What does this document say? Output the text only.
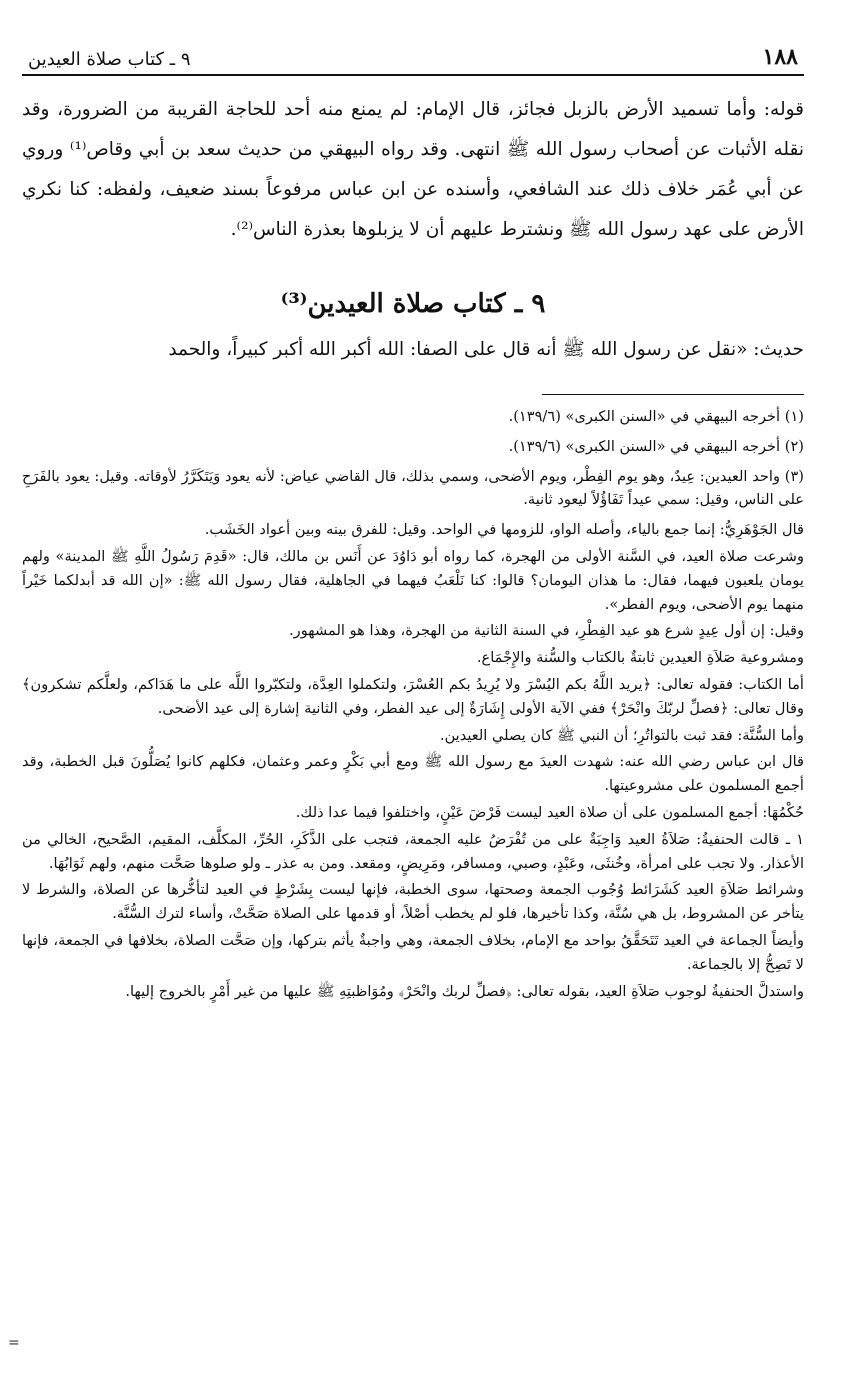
١٨٨
٩ ـ كتاب صلاة العيدين

قوله: وأما تسميد الأرض بالزبل فجائز، قال الإمام: لم يمنع منه أحد للحاجة القريبة من الضرورة، وقد نقله الأثبات عن أصحاب رسول الله ﷺ انتهى. وقد رواه البيهقي من حديث سعد بن أبي وقاص⁽¹⁾ وروي عن أبي عُمَر خلاف ذلك عند الشافعي، وأسنده عن ابن عباس مرفوعاً بسند ضعيف، ولفظه: كنا نكري الأرض على عهد رسول الله ﷺ ونشترط عليهم أن لا يزبلوها بعذرة الناس⁽²⁾.

٩ ـ كتاب صلاة العيدين⁽³⁾

حديث: «نقل عن رسول الله ﷺ أنه قال على الصفا: الله أكبر الله أكبر كبيراً، والحمد

(١) أخرجه البيهقي في «السنن الكبرى» (١٣٩/٦).

(٢) أخرجه البيهقي في «السنن الكبرى» (١٣٩/٦).

(٣) واحد العيدين: عِيدٌ، وهو يوم الفِطْر، ويوم الأضحى، وسمي بذلك، قال القاضي عياض: لأنه يعود وَيَتَكَرَّرُ لأوقاته. وقيل: يعود بالفَرَحِ على الناس، وقيل: سمي عيداً تَفَاؤُلاً ليعود ثانية.

قال الجَوْهَرِيُّ: إنما جمع بالياء، وأصله الواو، للزومها في الواحد. وقيل: للفرق بينه وبين أعواد الخَشَب.

وشرعت صلاة العيد، في السَّنة الأولى من الهجرة، كما رواه أبو دَاوُدَ عن أَنَس بن مالك، قال: «قَدِمَ رَسُولُ اللَّهِ ﷺ المدينة» ولهم يومان يلعبون فيهما، فقال: ما هذان اليومان؟ قالوا: كنا نَلْعَبُ فيهما في الجاهلية، فقال رسول الله ﷺ: «إن الله قد أبدلكما خَيْراً منهما يوم الأضحى، ويوم الفطر».

وقيل: إن أول عِيدٍ شرع هو عيد الفِطْرِ، في السنة الثانية من الهجرة، وهذا هو المشهور.

ومشروعية صَلاَةِ العيدين ثابتةٌ بالكتاب والسُّنة والإِجْمَاع.

أما الكتاب: فقوله تعالى: ﴿يريد اللَّهُ بكم اليُسْرَ ولا يُرِيدُ بكم العُسْرَ، ولتكملوا العِدَّة، ولتكبّروا اللَّه على ما هَدَاكم، ولعلَّكم تشكرون﴾ وقال تعالى: ﴿فصلِّ لربّكَ وانْحَرْ﴾ ففي الآية الأولى إِشَارَةٌ إلى عيد الفطر، وفي الثانية إشارة إلى عيد الأضحى.

وأما السُّنَّة: فقد ثبت بالتواتُرِ؛ أن النبي ﷺ كان يصلي العيدين.

قال ابن عباس رضي الله عنه: شهدت العيدَ مع رسول الله ﷺ ومع أبي بَكْرٍ وعمر وعثمان، فكلهم كانوا يُصَلُّونَ قبل الخطبة، وقد أجمع المسلمون على مشروعيتها.

حُكْمُهَا: أجمع المسلمون على أن صلاة العيد ليست فَرْضَ عَيْنٍ، واختلفوا فيما عدا ذلك.

١ ـ قالت الحنفيةُ: صَلاَةُ العيد وَاجِبَةٌ على من تُفْرَضُ عليه الجمعة، فتجب على الذَّكَرِ، الحُرِّ، المكلَّف، المقيم، الصَّحيح، الخالي من الأعذار. ولا تجب على امرأة، وخُنثَى، وعَبْدٍ، وصبي، ومسافر، ومَرِيضٍ، ومقعد. ومن به عذر ـ ولو صلوها صَحَّت منهم، ولهم ثَوَابُهَا.

وشرائط صَلاَةِ العيد كَشَرَائط وُجُوب الجمعة وصحتها، سوى الخطبة، فإنها ليست بِشَرْطٍ في العيد لتأخُّرها عن الصلاة، والشرط لا يتأخر عن المشروط، بل هي سُنَّة، وكذا تأخيرها، فلو لم يخطب أصْلاً، أو قدمها على الصلاة صَحَّتْ، وأساء لترك السُّنَّة.

وأيضاً الجماعة في العيد تَتَحَقَّقُ بواحد مع الإمام، بخلاف الجمعة، وهي واجبةٌ يأثم بتركها، وإن صَحَّت الصلاة، بخلافها في الجمعة، فإنها لا تَصِحُّ إلا بالجماعة.

واستدلَّ الحنفيةُ لوجوب صَلاَةِ العيد، بقوله تعالى: ﴿فصلِّ لربك وانْحَرْ﴾ ومُوَاظبتِهِ ﷺ عليها من غير أَمْرٍ بالخروج إليها.

=
